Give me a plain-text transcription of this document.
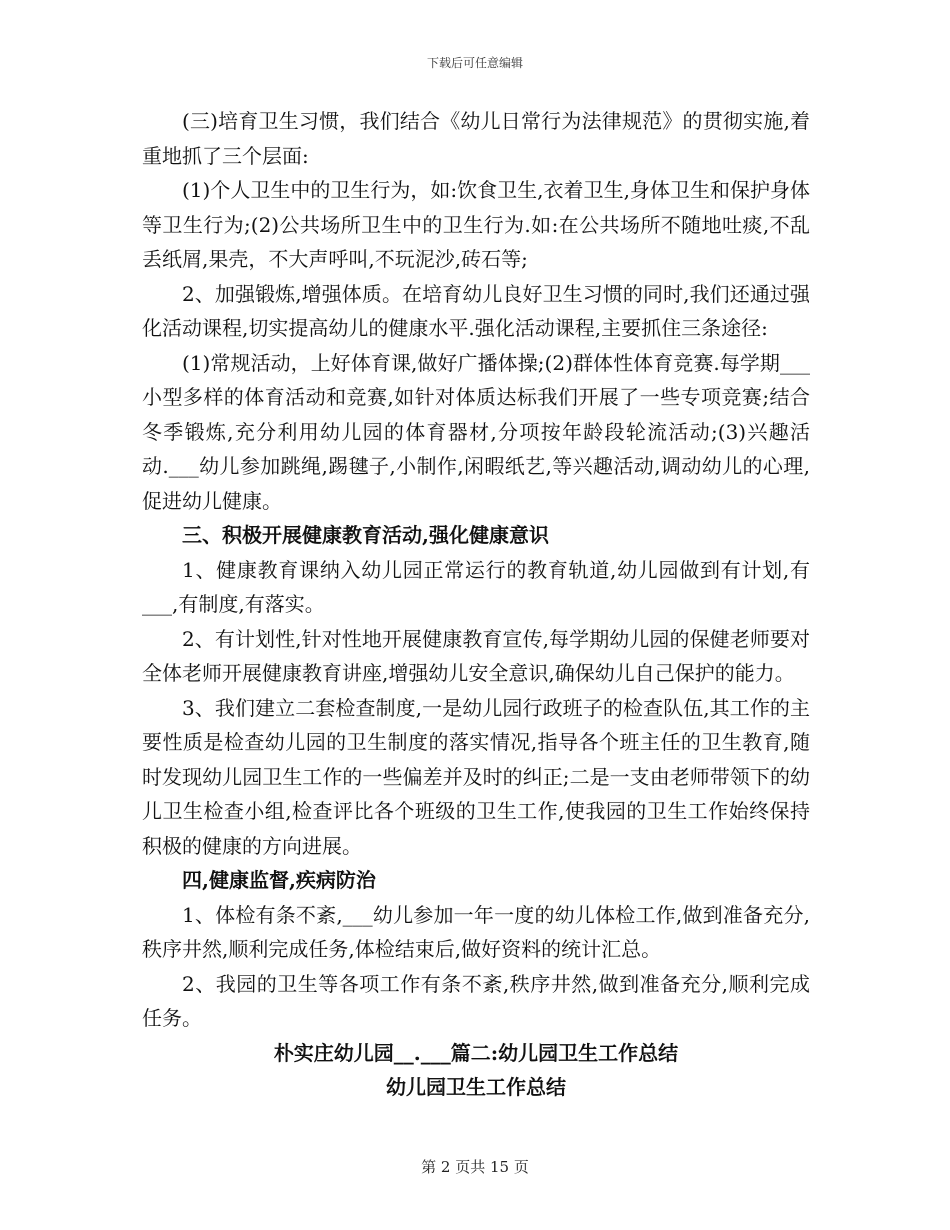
下载后可任意编辑

(三)培育卫生习惯，我们结合《幼儿日常行为法律规范》的贯彻实施,着重地抓了三个层面:

(1)个人卫生中的卫生行为，如:饮食卫生,衣着卫生,身体卫生和保护身体等卫生行为;(2)公共场所卫生中的卫生行为.如:在公共场所不随地吐痰,不乱丢纸屑,果壳，不大声呼叫,不玩泥沙,砖石等;

2、加强锻炼,增强体质。在培育幼儿良好卫生习惯的同时,我们还通过强化活动课程,切实提高幼儿的健康水平.强化活动课程,主要抓住三条途径:

(1)常规活动，上好体育课,做好广播体操;(2)群体性体育竞赛.每学期___小型多样的体育活动和竞赛,如针对体质达标我们开展了一些专项竞赛;结合冬季锻炼,充分利用幼儿园的体育器材,分项按年龄段轮流活动;(3)兴趣活动.___幼儿参加跳绳,踢毽子,小制作,闲暇纸艺,等兴趣活动,调动幼儿的心理,促进幼儿健康。

三、积极开展健康教育活动,强化健康意识

1、健康教育课纳入幼儿园正常运行的教育轨道,幼儿园做到有计划,有___,有制度,有落实。

2、有计划性,针对性地开展健康教育宣传,每学期幼儿园的保健老师要对全体老师开展健康教育讲座,增强幼儿安全意识,确保幼儿自己保护的能力。

3、我们建立二套检查制度,一是幼儿园行政班子的检查队伍,其工作的主要性质是检查幼儿园的卫生制度的落实情况,指导各个班主任的卫生教育,随时发现幼儿园卫生工作的一些偏差并及时的纠正;二是一支由老师带领下的幼儿卫生检查小组,检查评比各个班级的卫生工作,使我园的卫生工作始终保持积极的健康的方向进展。

四,健康监督,疾病防治

1、体检有条不紊,___幼儿参加一年一度的幼儿体检工作,做到准备充分,秩序井然,顺利完成任务,体检结束后,做好资料的统计汇总。

2、我园的卫生等各项工作有条不紊,秩序井然,做到准备充分,顺利完成任务。

朴实庄幼儿园__.___篇二:幼儿园卫生工作总结

幼儿园卫生工作总结

第 2 页共 15 页
